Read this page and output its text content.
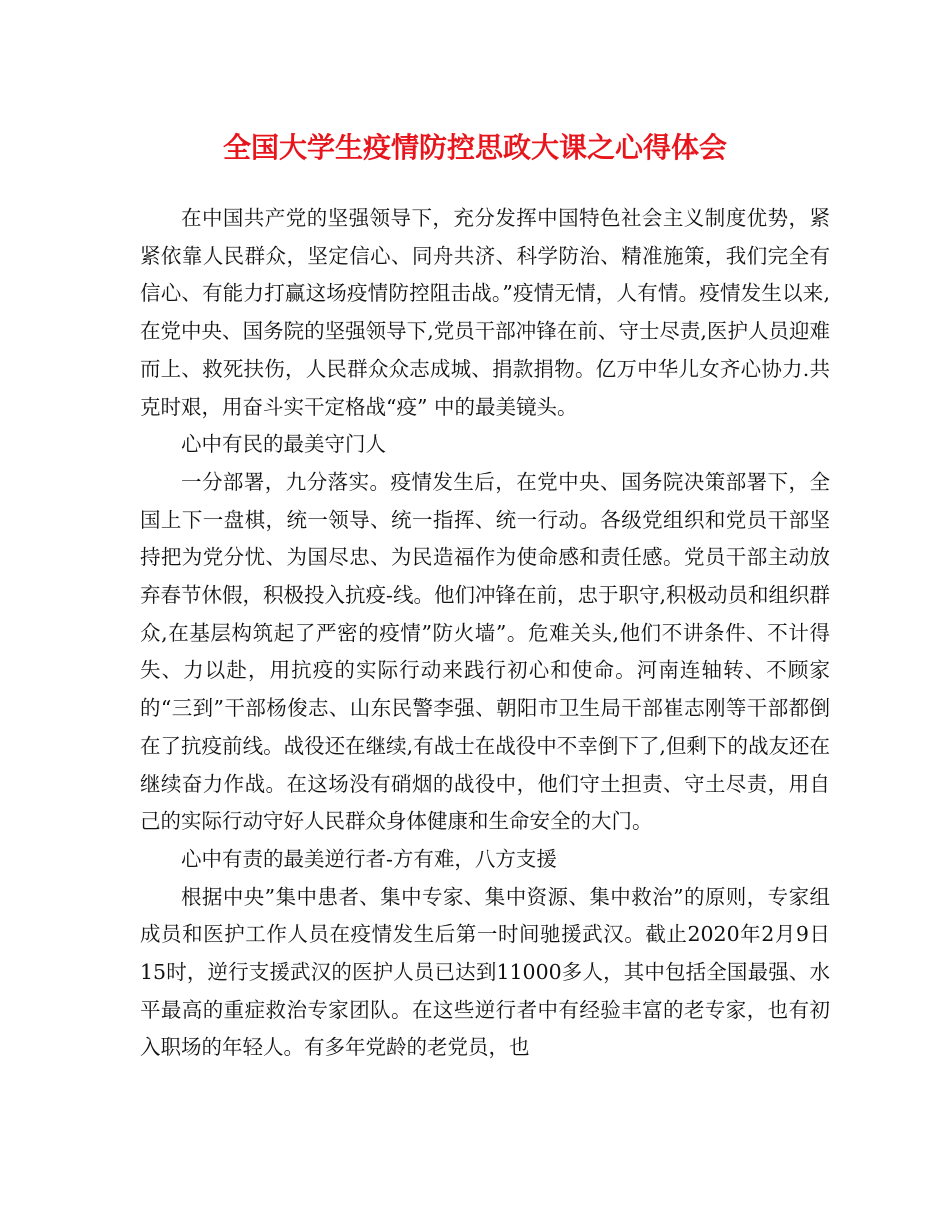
全国大学生疫情防控思政大课之心得体会

在中国共产党的坚强领导下，充分发挥中国特色社会主义制度优势，紧紧依靠人民群众，坚定信心、同舟共济、科学防治、精准施策，我们完全有信心、有能力打赢这场疫情防控阻击战。”疫情无情，人有情。疫情发生以来,在党中央、国务院的坚强领导下,党员干部冲锋在前、守士尽责,医护人员迎难而上、救死扶伤，人民群众众志成城、捐款捐物。亿万中华儿女齐心协力.共克时艰，用奋斗实干定格战“疫” 中的最美镜头。

心中有民的最美守门人

一分部署，九分落实。疫情发生后，在党中央、国务院决策部署下，全国上下一盘棋，统一领导、统一指挥、统一行动。各级党组织和党员干部坚持把为党分忧、为国尽忠、为民造福作为使命感和责任感。党员干部主动放弃春节休假，积极投入抗疫-线。他们冲锋在前，忠于职守,积极动员和组织群众,在基层构筑起了严密的疫情”防火墙”。危难关头,他们不讲条件、不计得失、力以赴，用抗疫的实际行动来践行初心和使命。河南连轴转、不顾家的“三到”干部杨俊志、山东民警李强、朝阳市卫生局干部崔志刚等干部都倒在了抗疫前线。战役还在继续,有战士在战役中不幸倒下了,但剩下的战友还在继续奋力作战。在这场没有硝烟的战役中，他们守土担责、守土尽责，用自己的实际行动守好人民群众身体健康和生命安全的大门。

心中有责的最美逆行者-方有难，八方支援

根据中央”集中患者、集中专家、集中资源、集中救治”的原则，专家组成员和医护工作人员在疫情发生后第一时间驰援武汉。截止2020年2月9日15时，逆行支援武汉的医护人员已达到11000多人，其中包括全国最强、水平最高的重症救治专家团队。在这些逆行者中有经验丰富的老专家，也有初入职场的年轻人。有多年党龄的老党员，也
